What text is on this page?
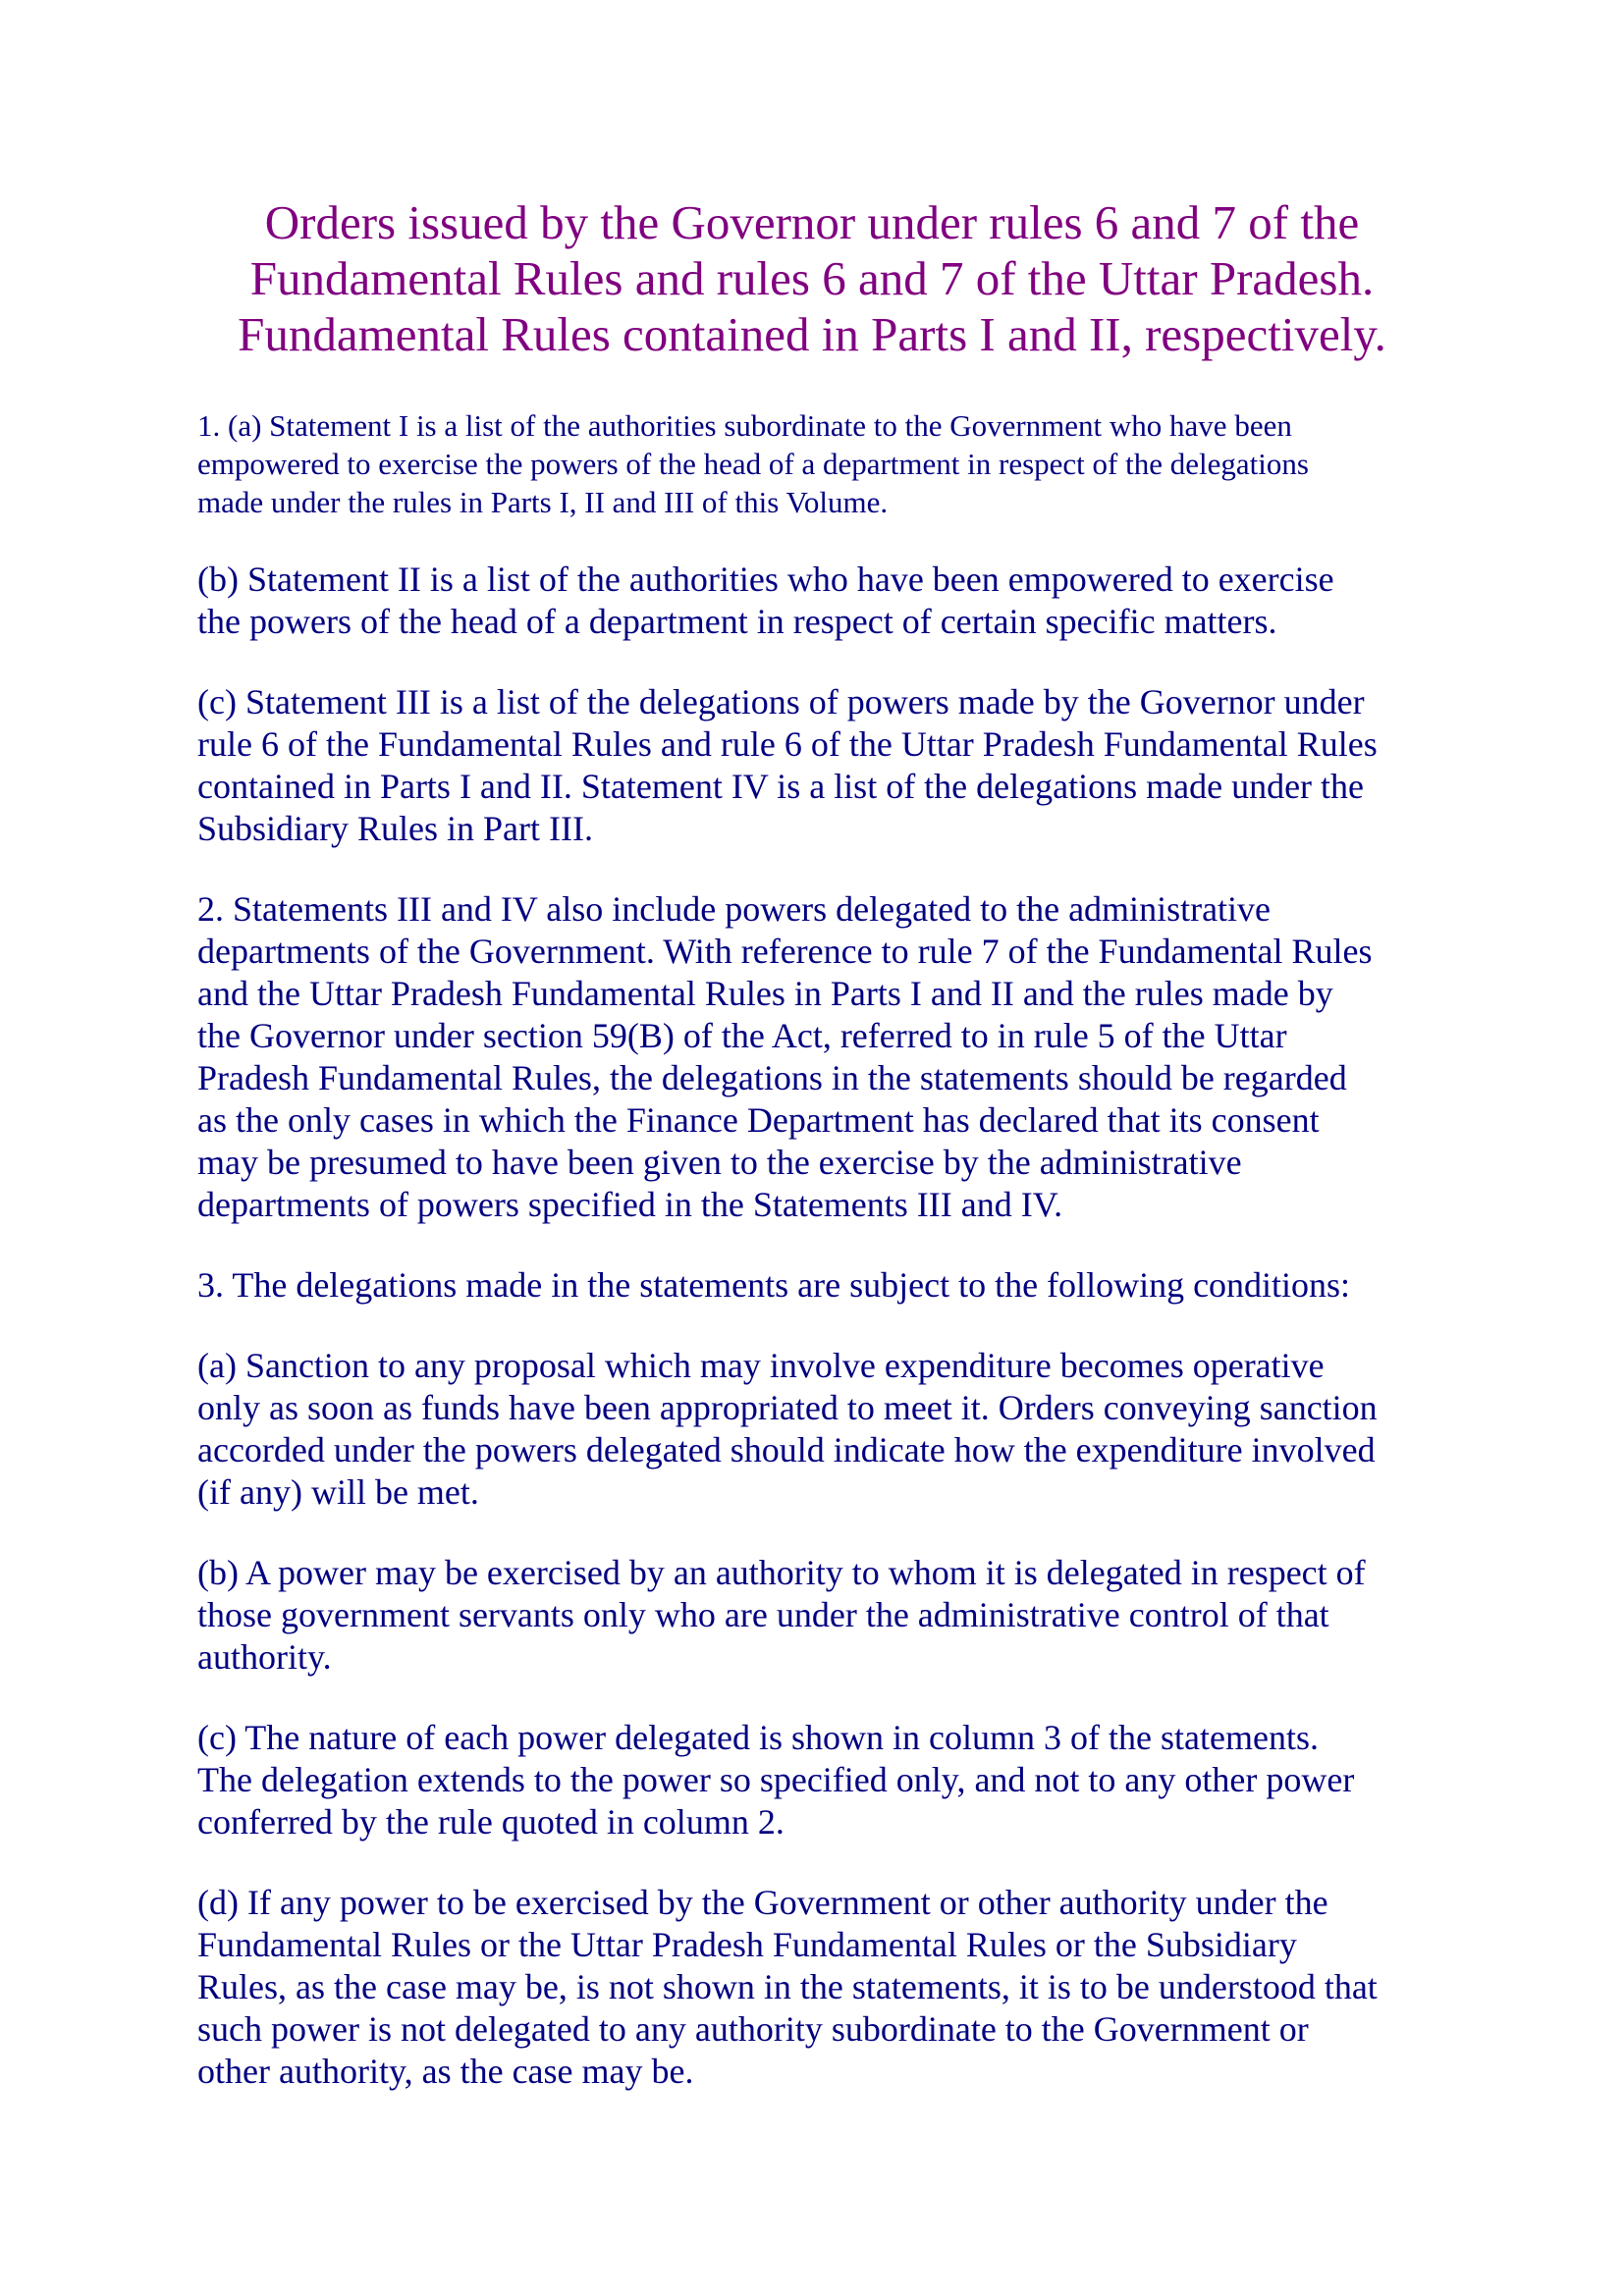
Orders issued by the Governor under rules 6 and 7 of the
Fundamental Rules and rules 6 and 7 of the Uttar Pradesh.
Fundamental Rules contained in Parts I and II, respectively.

1. (a) Statement I is a list of the authorities subordinate to the Government who have been
empowered to exercise the powers of the head of a department in respect of the delegations
made under the rules in Parts I, II and III of this Volume.

(b) Statement II is a list of the authorities who have been empowered to exercise
the powers of the head of a department in respect of certain specific matters.

(c) Statement III is a list of the delegations of powers made by the Governor under
rule 6 of the Fundamental Rules and rule 6 of the Uttar Pradesh Fundamental Rules
contained in Parts I and II. Statement IV is a list of the delegations made under the
Subsidiary Rules in Part III.

2. Statements III and IV also include powers delegated to the administrative
departments of the Government. With reference to rule 7 of the Fundamental Rules
and the Uttar Pradesh Fundamental Rules in Parts I and II and the rules made by
the Governor under section 59(B) of the Act, referred to in rule 5 of the Uttar
Pradesh Fundamental Rules, the delegations in the statements should be regarded
as the only cases in which the Finance Department has declared that its consent
may be presumed to have been given to the exercise by the administrative
departments of powers specified in the Statements III and IV.

3. The delegations made in the statements are subject to the following conditions:

(a) Sanction to any proposal which may involve expenditure becomes operative
only as soon as funds have been appropriated to meet it. Orders conveying sanction
accorded under the powers delegated should indicate how the expenditure involved
(if any) will be met.

(b) A power may be exercised by an authority to whom it is delegated in respect of
those government servants only who are under the administrative control of that
authority.

(c) The nature of each power delegated is shown in column 3 of the statements.
The delegation extends to the power so specified only, and not to any other power
conferred by the rule quoted in column 2.

(d) If any power to be exercised by the Government or other authority under the
Fundamental Rules or the Uttar Pradesh Fundamental Rules or the Subsidiary
Rules, as the case may be, is not shown in the statements, it is to be understood that
such power is not delegated to any authority subordinate to the Government or
other authority, as the case may be.
